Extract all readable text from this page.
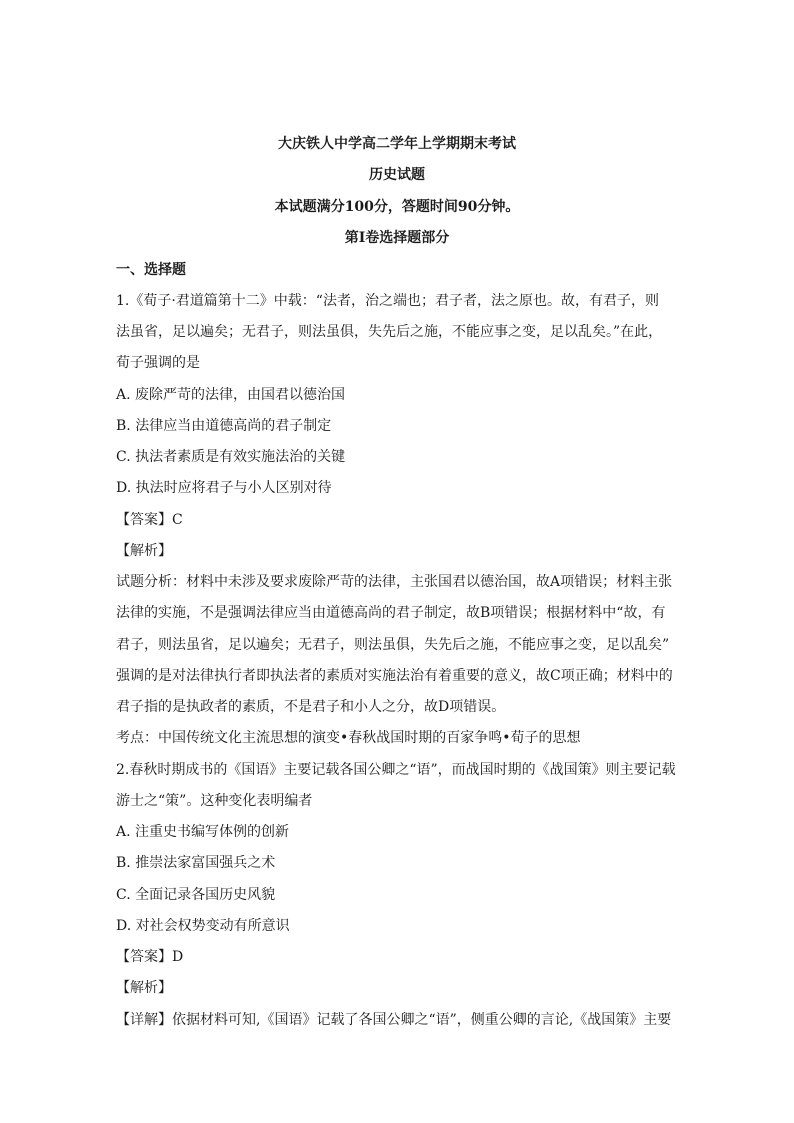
大庆铁人中学高二学年上学期期末考试
历史试题
本试题满分100分，答题时间90分钟。
第Ⅰ卷选择题部分
一、选择题
1.《荀子·君道篇第十二》中载：“法者，治之端也；君子者，法之原也。故，有君子，则
法虽省，足以遍矣；无君子，则法虽俱，失先后之施，不能应事之变，足以乱矣。”在此，
荀子强调的是
A. 废除严苛的法律，由国君以德治国
B. 法律应当由道德高尚的君子制定
C. 执法者素质是有效实施法治的关键
D. 执法时应将君子与小人区别对待
【答案】C
【解析】
试题分析：材料中未涉及要求废除严苛的法律，主张国君以德治国，故A项错误；材料主张
法律的实施，不是强调法律应当由道德高尚的君子制定，故B项错误；根据材料中“故，有
君子，则法虽省，足以遍矣；无君子，则法虽俱，失先后之施，不能应事之变，足以乱矣”
强调的是对法律执行者即执法者的素质对实施法治有着重要的意义，故C项正确；材料中的
君子指的是执政者的素质，不是君子和小人之分，故D项错误。
考点：中国传统文化主流思想的演变•春秋战国时期的百家争鸣•荀子的思想
2.春秋时期成书的《国语》主要记载各国公卿之“语”，而战国时期的《战国策》则主要记载
游士之“策”。这种变化表明编者
A. 注重史书编写体例的创新
B. 推崇法家富国强兵之术
C. 全面记录各国历史风貌
D. 对社会权势变动有所意识
【答案】D
【解析】
【详解】依据材料可知,《国语》记载了各国公卿之“语”，侧重公卿的言论,《战国策》主要
